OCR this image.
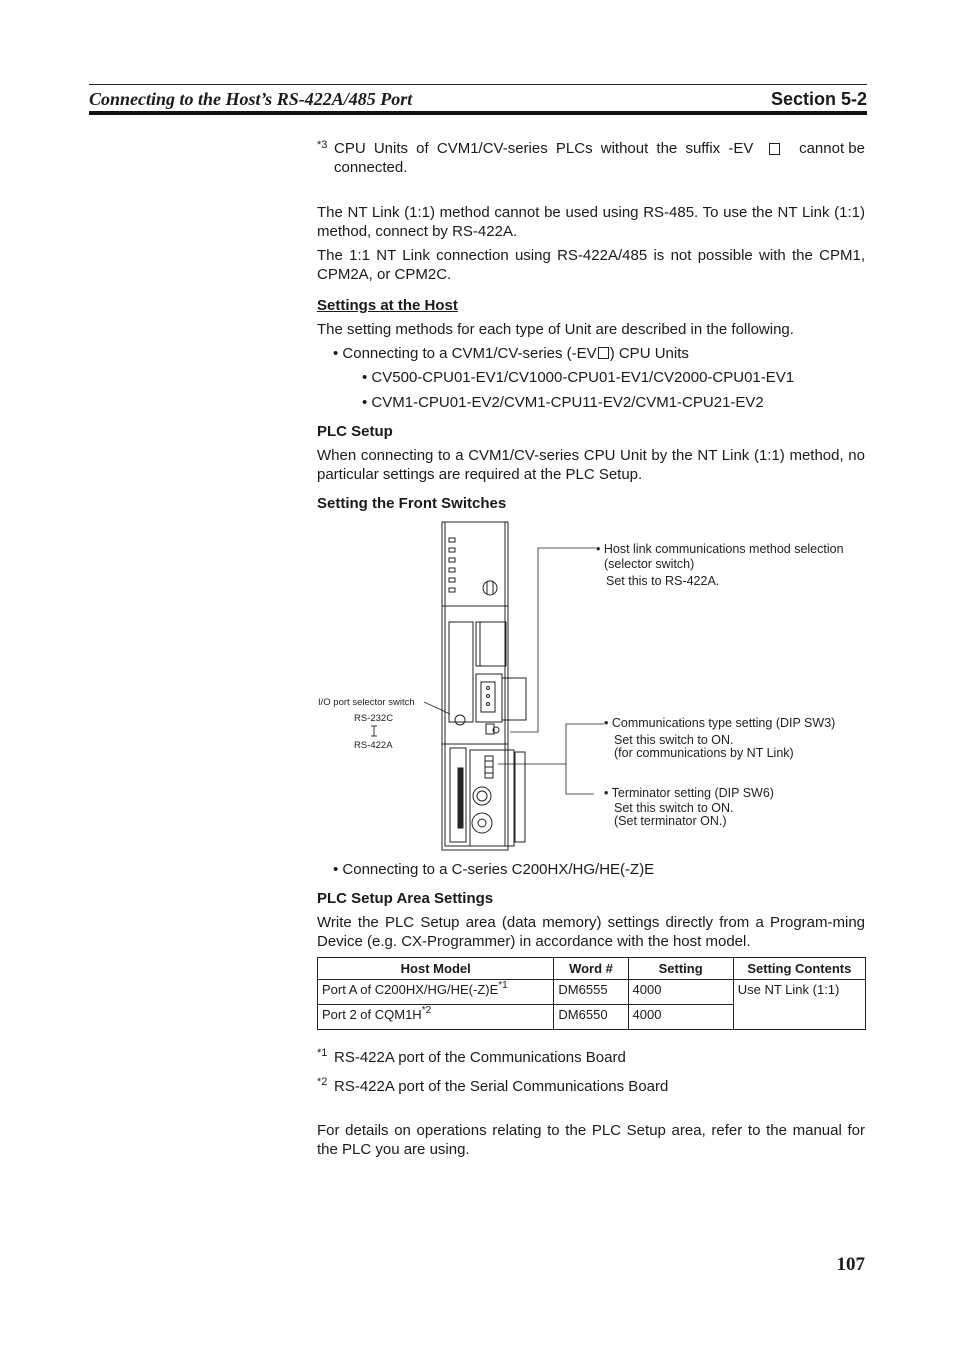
Connecting to the Host’s RS-422A/485 Port	Section 5-2
*3 CPU Units of CVM1/CV-series PLCs without the suffix -EV	cannot be
connected.
The NT Link (1:1) method cannot be used using RS-485. To use the NT Link (1:1) method, connect by RS-422A.
The 1:1 NT Link connection using RS-422A/485 is not possible with the CPM1, CPM2A, or CPM2C.
Settings at the Host
The setting methods for each type of Unit are described in the following.
• Connecting to a CVM1/CV-series (-EV ) CPU Units
• CV500-CPU01-EV1/CV1000-CPU01-EV1/CV2000-CPU01-EV1
• CVM1-CPU01-EV2/CVM1-CPU11-EV2/CVM1-CPU21-EV2
PLC Setup
When connecting to a CVM1/CV-series CPU Unit by the NT Link (1:1) method, no particular settings are required at the PLC Setup.
Setting the Front Switches
• Host link communications method selection
(selector switch)
Set this to RS-422A.
• Communications type setting (DIP SW3)
Set this switch to ON.
(for communications by NT Link)
• Terminator setting (DIP SW6)
Set this switch to ON.
(Set terminator ON.)
I/O port selector switch
RS-232C
RS-422A
• Connecting to a C-series C200HX/HG/HE(-Z)E
PLC Setup Area Settings
Write the PLC Setup area (data memory) settings directly from a Program-ming Device (e.g. CX-Programmer) in accordance with the host model.
Host Model	Word #	Setting	Setting Contents
Port A of $C200HX/HG/HE(-Z)E^{*1}$	DM6555	4000	Use NT Link (1:1)
Port 2 of $CQM1H^{*2}$	DM6550	4000	
*1 RS-422A port of the Communications Board
*2 RS-422A port of the Serial Communications Board
For details on operations relating to the PLC Setup area, refer to the manual for the PLC you are using.
107
